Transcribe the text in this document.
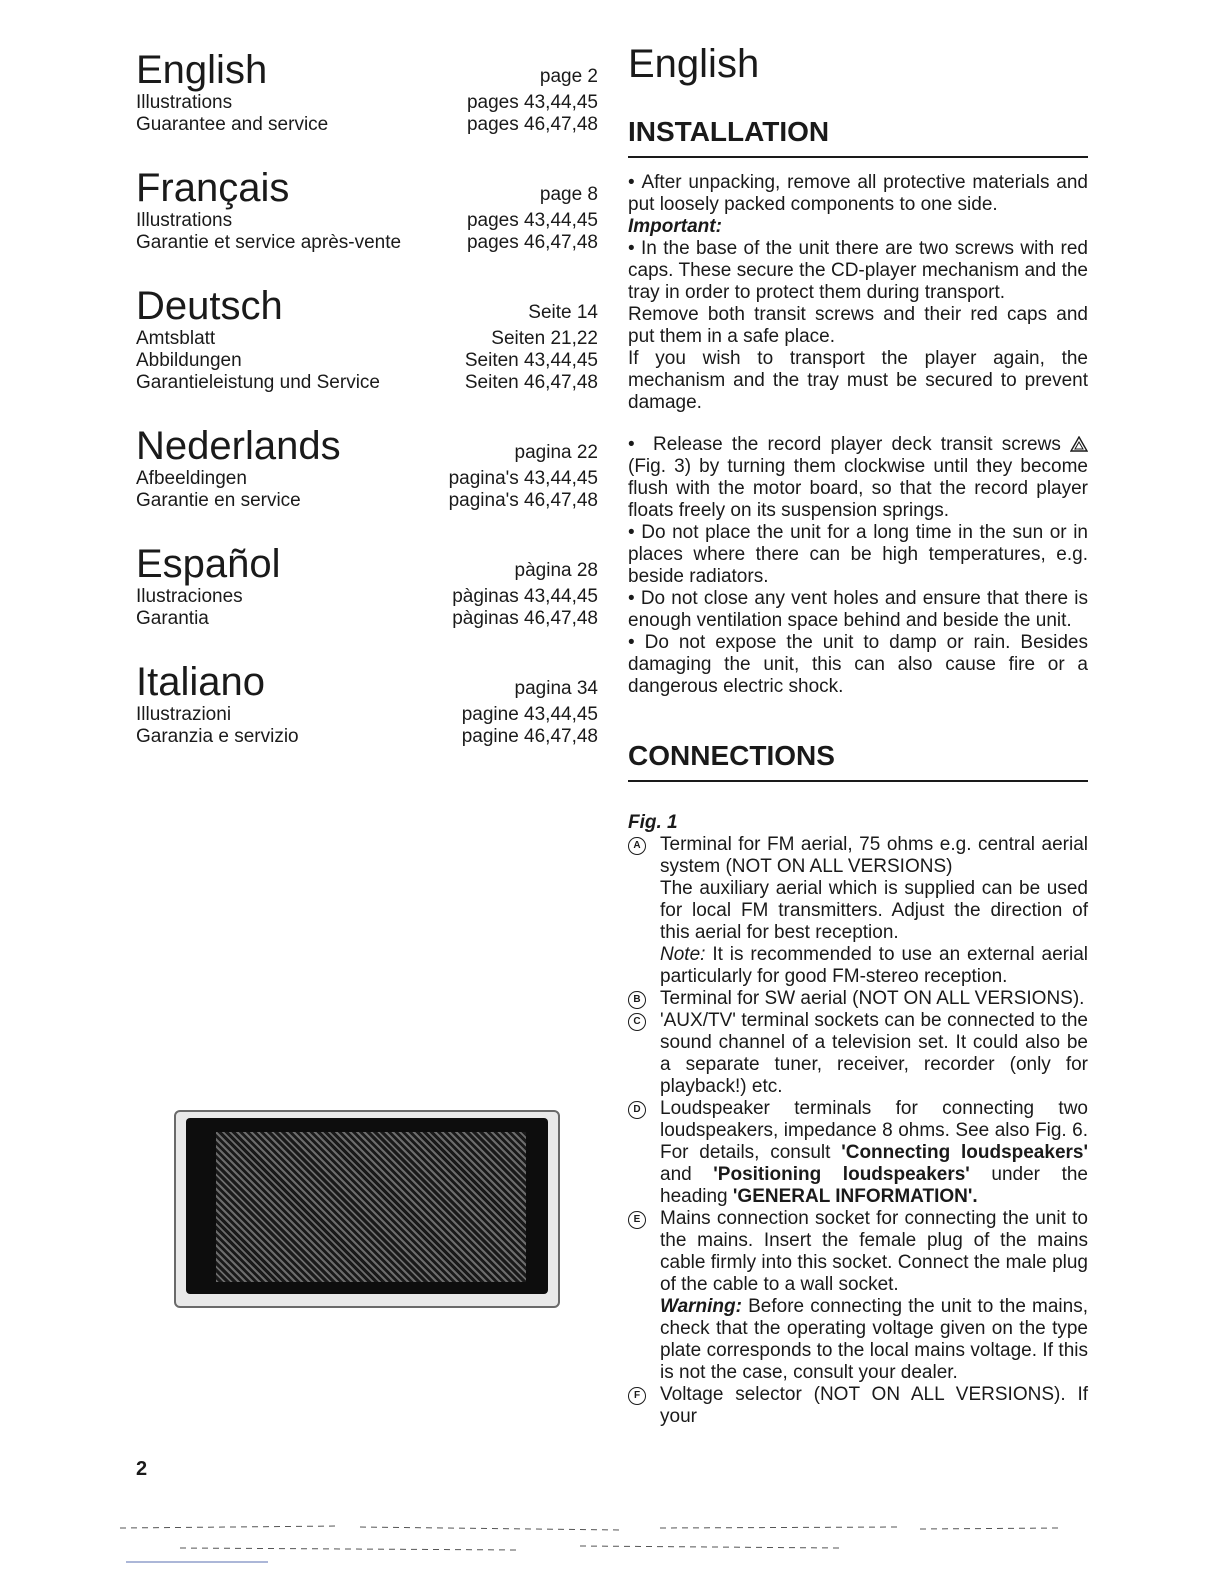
English	page 2
Illustrations	pages 43,44,45
Guarantee and service	pages 46,47,48
Français	page 8
Illustrations	pages 43,44,45
Garantie et service après-vente	pages 46,47,48
Deutsch	Seite 14
Amtsblatt	Seiten 21,22
Abbildungen	Seiten 43,44,45
Garantieleistung und Service	Seiten 46,47,48
Nederlands	pagina 22
Afbeeldingen	pagina's 43,44,45
Garantie en service	pagina's 46,47,48
Español	pàgina 28
Ilustraciones	pàginas 43,44,45
Garantia	pàginas 46,47,48
Italiano	pagina 34
Illustrazioni	pagine 43,44,45
Garanzia e servizio	pagine 46,47,48
English
INSTALLATION

• After unpacking, remove all protective materials and put loosely packed components to one side.

Important:

• In the base of the unit there are two screws with red caps. These secure the CD-player mechanism and the tray in order to protect them during transport.

Remove both transit screws and their red caps and put them in a safe place.

If you wish to transport the player again, the mechanism and the tray must be secured to prevent damage.

• Release the record player deck transit screws  (Fig. 3) by turning them clockwise until they become flush with the motor board, so that the record player floats freely on its suspension springs.

• Do not place the unit for a long time in the sun or in places where there can be high temperatures, e.g. beside radiators.

• Do not close any vent holes and ensure that there is enough ventilation space behind and beside the unit.

• Do not expose the unit to damp or rain. Besides damaging the unit, this can also cause fire or a dangerous electric shock.

CONNECTIONS

Fig. 1

A Terminal for FM aerial, 75 ohms e.g. central aerial system (NOT ON ALL VERSIONS)

The auxiliary aerial which is supplied can be used for local FM transmitters. Adjust the direction of this aerial for best reception.

Note: It is recommended to use an external aerial particularly for good FM-stereo reception.

B Terminal for SW aerial (NOT ON ALL VERSIONS).

C 'AUX/TV' terminal sockets can be connected to the sound channel of a television set. It could also be a separate tuner, receiver, recorder (only for playback!) etc.

D Loudspeaker terminals for connecting two loudspeakers, impedance 8 ohms. See also Fig. 6. For details, consult 'Connecting loudspeakers' and 'Positioning loudspeakers' under the heading 'GENERAL INFORMATION'.

E Mains connection socket for connecting the unit to the mains. Insert the female plug of the mains cable firmly into this socket. Connect the male plug of the cable to a wall socket.

Warning: Before connecting the unit to the mains, check that the operating voltage given on the type plate corresponds to the local mains voltage. If this is not the case, consult your dealer.

F	Voltage selector (NOT ON ALL VERSIONS). If your

2
